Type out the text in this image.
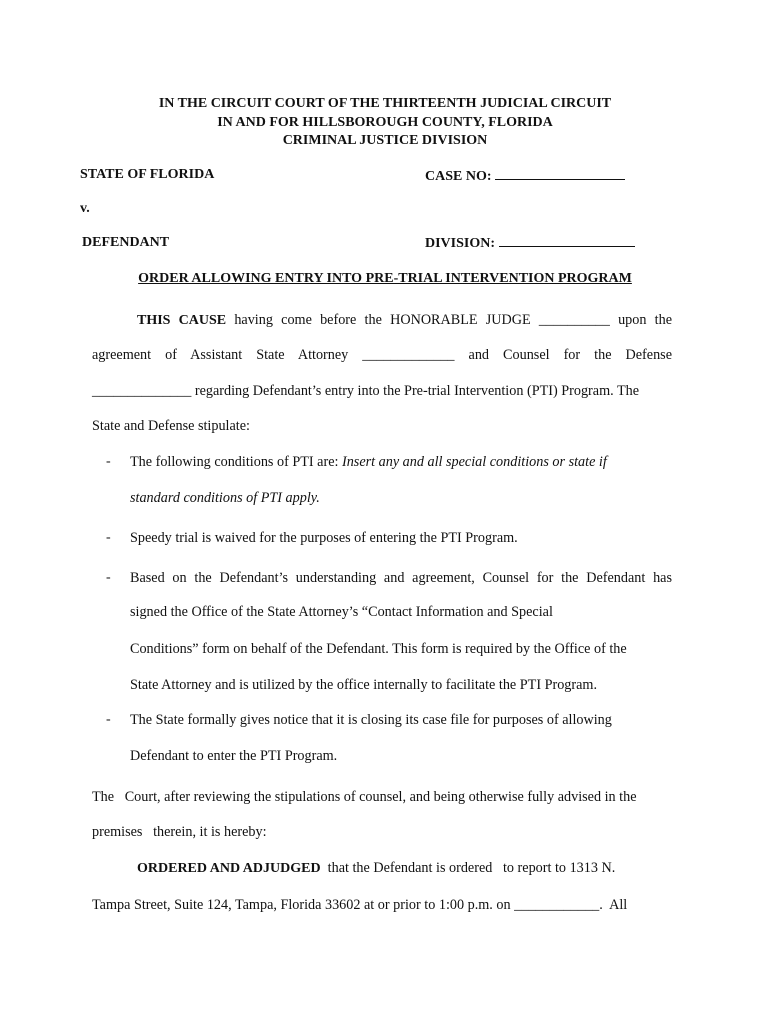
IN THE CIRCUIT COURT OF THE THIRTEENTH JUDICIAL CIRCUIT
IN AND FOR HILLSBOROUGH COUNTY, FLORIDA
CRIMINAL JUSTICE DIVISION
STATE OF FLORIDA	CASE NO:
v.
DEFENDANT	DIVISION:
ORDER ALLOWING ENTRY INTO PRE-TRIAL INTERVENTION PROGRAM
THIS CAUSE having come before the HONORABLE JUDGE __________ upon the
agreement of Assistant State Attorney _____________ and Counsel for the Defense
______________ regarding Defendant’s entry into the Pre-trial Intervention (PTI) Program. The
State and Defense stipulate:
- The following conditions of PTI are: Insert any and all special conditions or state if
standard conditions of PTI apply.
- Speedy trial is waived for the purposes of entering the PTI Program.
- Based on the Defendant’s understanding and agreement, Counsel for the Defendant has
signed the Office of the State Attorney’s “Contact Information and Special
Conditions” form on behalf of the Defendant. This form is required by the Office of the
State Attorney and is utilized by the office internally to facilitate the PTI Program.
- The State formally gives notice that it is closing its case file for purposes of allowing
Defendant to enter the PTI Program.
The   Court, after reviewing the stipulations of counsel, and being otherwise fully advised in the
premises   therein, it is hereby:
ORDERED AND ADJUDGED that the Defendant is ordered   to report to 1313 N.
Tampa Street, Suite 124, Tampa, Florida 33602 at or prior to 1:00 p.m. on ____________.  All
